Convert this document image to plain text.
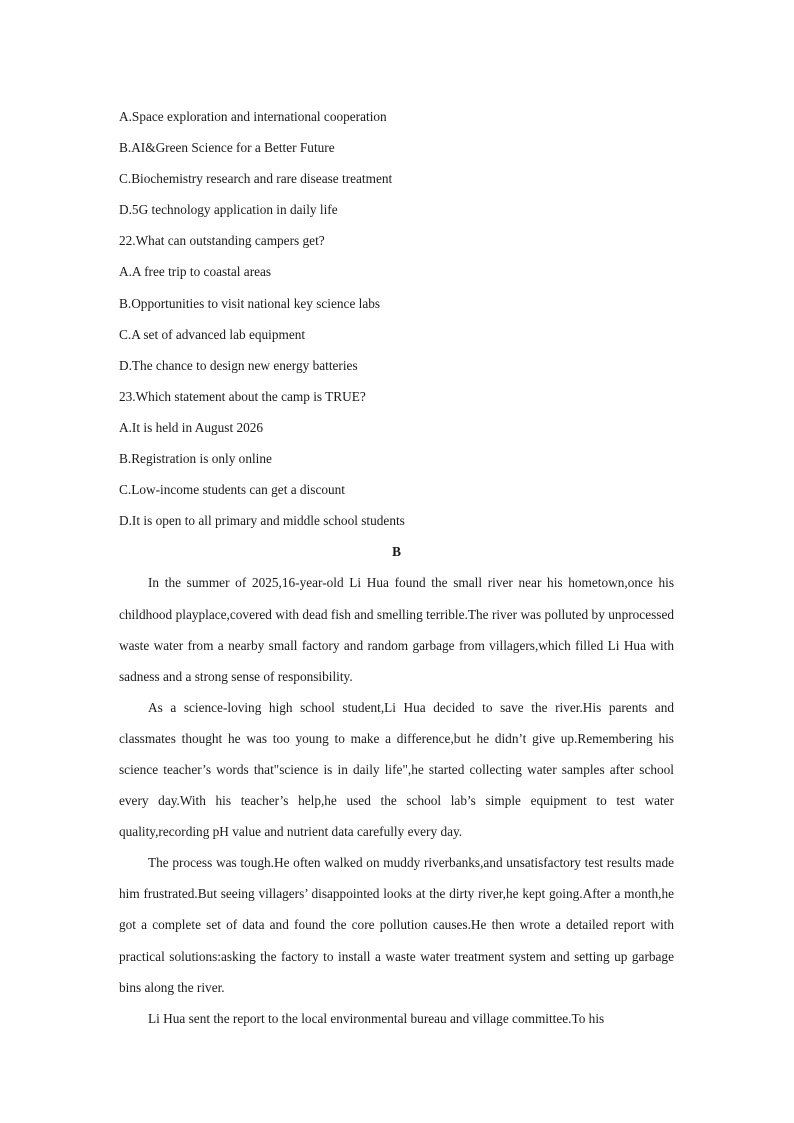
A.Space exploration and international cooperation
B.AI&Green Science for a Better Future
C.Biochemistry research and rare disease treatment
D.5G technology application in daily life
22.What can outstanding campers get?
A.A free trip to coastal areas
B.Opportunities to visit national key science labs
C.A set of advanced lab equipment
D.The chance to design new energy batteries
23.Which statement about the camp is TRUE?
A.It is held in August 2026
B.Registration is only online
C.Low-income students can get a discount
D.It is open to all primary and middle school students
B

In the summer of 2025,16-year-old Li Hua found the small river near his hometown,once his childhood playplace,covered with dead fish and smelling terrible.The river was polluted by unprocessed waste water from a nearby small factory and random garbage from villagers,which filled Li Hua with sadness and a strong sense of responsibility.

As a science-loving high school student,Li Hua decided to save the river.His parents and classmates thought he was too young to make a difference,but he didn’t give up.Remembering his science teacher’s words that"science is in daily life",he started collecting water samples after school every day.With his teacher’s help,he used the school lab’s simple equipment to test water quality,recording pH value and nutrient data carefully every day.

The process was tough.He often walked on muddy riverbanks,and unsatisfactory test results made him frustrated.But seeing villagers’ disappointed looks at the dirty river,he kept going.After a month,he got a complete set of data and found the core pollution causes.He then wrote a detailed report with practical solutions:asking the factory to install a waste water treatment system and setting up garbage bins along the river.

Li Hua sent the report to the local environmental bureau and village committee.To his
